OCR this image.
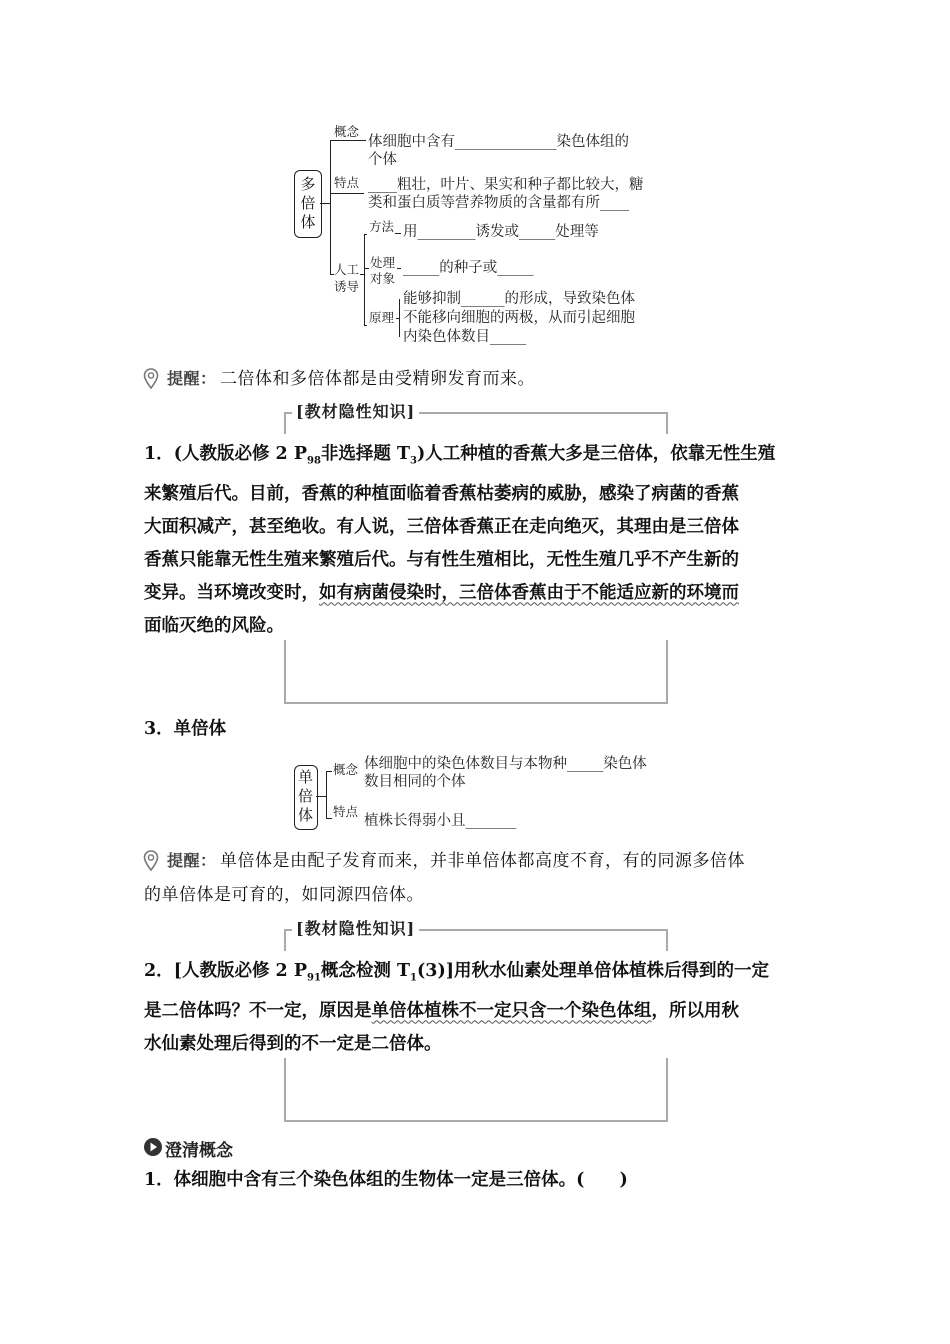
多
倍
体
概念
体细胞中含有______________染色体组的
个体
特点 ____粗壮，叶片、果实和种子都比较大，糖
类和蛋白质等营养物质的含量都有所____
人工
诱导
方法 用________诱发或_____处理等
处理
对象
_____的种子或_____
原理
能够抑制______的形成，导致染色体
不能移向细胞的两极，从而引起细胞
内染色体数目_____
提醒： 二倍体和多倍体都是由受精卵发育而来。
[教材隐性知识]
1．(人教版必修 2 $P_{98}$非选择题 $T_3$)人工种植的香蕉大多是三倍体，依靠无性生殖
来繁殖后代。目前，香蕉的种植面临着香蕉枯萎病的威胁，感染了病菌的香蕉
大面积减产，甚至绝收。有人说，三倍体香蕉正在走向绝灭，其理由是三倍体
香蕉只能靠无性生殖来繁殖后代。与有性生殖相比，无性生殖几乎不产生新的
变异。当环境改变时，如有病菌侵染时，三倍体香蕉由于不能适应新的环境而
面临灭绝的风险。
3．单倍体
单
倍
体
概念 体细胞中的染色体数目与本物种_____染色体
数目相同的个体
特点
植株长得弱小且_______
提醒： 单倍体是由配子发育而来，并非单倍体都高度不育，有的同源多倍体
的单倍体是可育的，如同源四倍体。
[教材隐性知识]
2．[人教版必修 2 $P_{91}$概念检测 $T_1(3)$]用秋水仙素处理单倍体植株后得到的一定
是二倍体吗？不一定，原因是单倍体植株不一定只含一个染色体组，所以用秋
水仙素处理后得到的不一定是二倍体。
澄清概念
1．体细胞中含有三个染色体组的生物体一定是三倍体。(　　)
